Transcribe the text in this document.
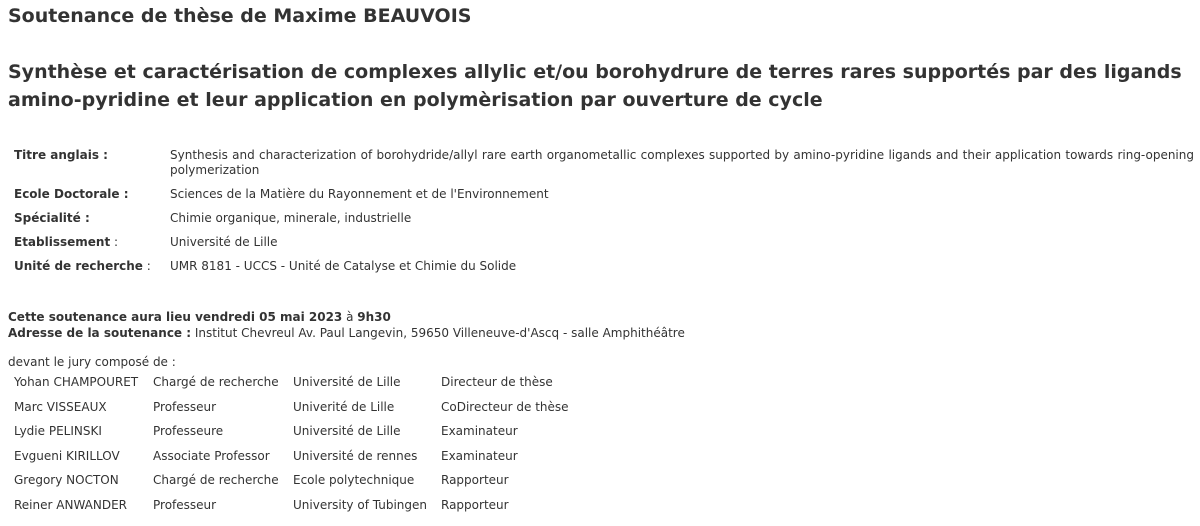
Soutenance de thèse de Maxime BEAUVOIS
Synthèse et caractérisation de complexes allylic et/ou borohydrure de terres rares supportés par des ligands amino-pyridine et leur application en polymèrisation par ouverture de cycle
Titre anglais :	Synthesis and characterization of borohydride/allyl rare earth organometallic complexes supported by amino-pyridine ligands and their application towards ring-opening polymerization
Ecole Doctorale :	Sciences de la Matière du Rayonnement et de l'Environnement
Spécialité :	Chimie organique, minerale, industrielle
Etablissement :	Université de Lille
Unité de recherche :	UMR 8181 - UCCS - Unité de Catalyse et Chimie du Solide
Cette soutenance aura lieu vendredi 05 mai 2023 à 9h30
Adresse de la soutenance : Institut Chevreul Av. Paul Langevin, 59650 Villeneuve-d'Ascq - salle Amphithéâtre
devant le jury composé de :
Yohan CHAMPOURET	Chargé de recherche	Université de Lille	Directeur de thèse
Marc VISSEAUX	Professeur	Univerité de Lille	CoDirecteur de thèse
Lydie PELINSKI	Professeure	Université de Lille	Examinateur
Evgueni KIRILLOV	Associate Professor	Université de rennes	Examinateur
Gregory NOCTON	Chargé de recherche	Ecole polytechnique	Rapporteur
Reiner ANWANDER	Professeur	University of Tubingen	Rapporteur
